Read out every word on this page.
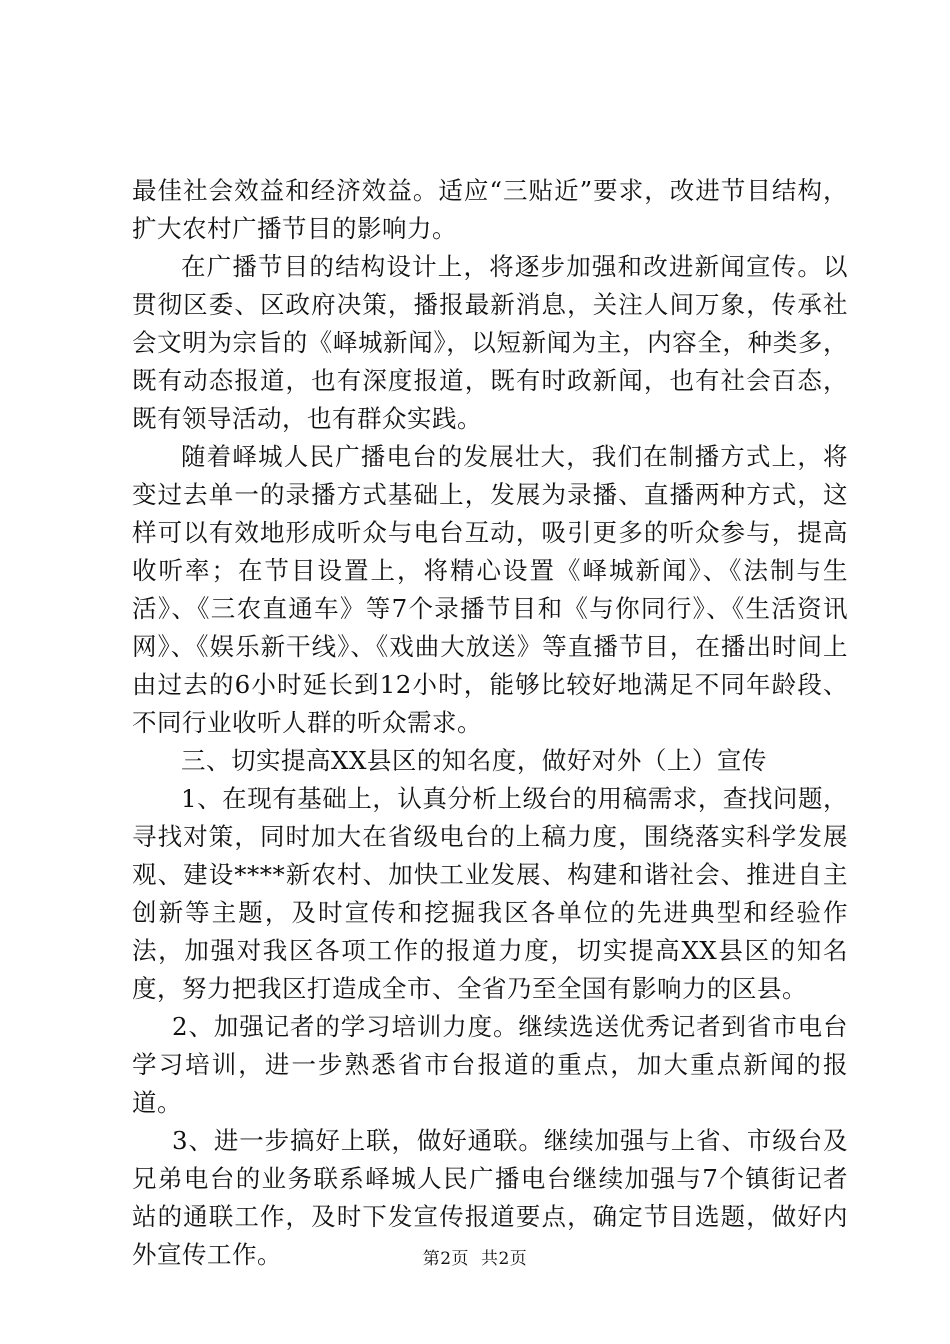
最佳社会效益和经济效益。适应“三贴近”要求，改进节目结构，扩大农村广播节目的影响力。

在广播节目的结构设计上，将逐步加强和改进新闻宣传。以贯彻区委、区政府决策，播报最新消息，关注人间万象，传承社会文明为宗旨的《峄城新闻》，以短新闻为主，内容全，种类多，既有动态报道，也有深度报道，既有时政新闻，也有社会百态，既有领导活动，也有群众实践。

随着峄城人民广播电台的发展壮大，我们在制播方式上，将变过去单一的录播方式基础上，发展为录播、直播两种方式，这样可以有效地形成听众与电台互动，吸引更多的听众参与，提高收听率；在节目设置上，将精心设置《峄城新闻》、《法制与生活》、《三农直通车》等7个录播节目和《与你同行》、《生活资讯网》、《娱乐新干线》、《戏曲大放送》等直播节目，在播出时间上由过去的6小时延长到12小时，能够比较好地满足不同年龄段、不同行业收听人群的听众需求。

三、切实提高XX县区的知名度，做好对外（上）宣传

1、在现有基础上，认真分析上级台的用稿需求，查找问题，寻找对策，同时加大在省级电台的上稿力度，围绕落实科学发展观、建设****新农村、加快工业发展、构建和谐社会、推进自主创新等主题，及时宣传和挖掘我区各单位的先进典型和经验作法，加强对我区各项工作的报道力度，切实提高XX县区的知名度，努力把我区打造成全市、全省乃至全国有影响力的区县。

2、加强记者的学习培训力度。继续选送优秀记者到省市电台学习培训，进一步熟悉省市台报道的重点，加大重点新闻的报道。

3、进一步搞好上联，做好通联。继续加强与上省、市级台及兄弟电台的业务联系峄城人民广播电台继续加强与7个镇街记者站的通联工作，及时下发宣传报道要点，确定节目选题，做好内外宣传工作。	第2页 共2页
